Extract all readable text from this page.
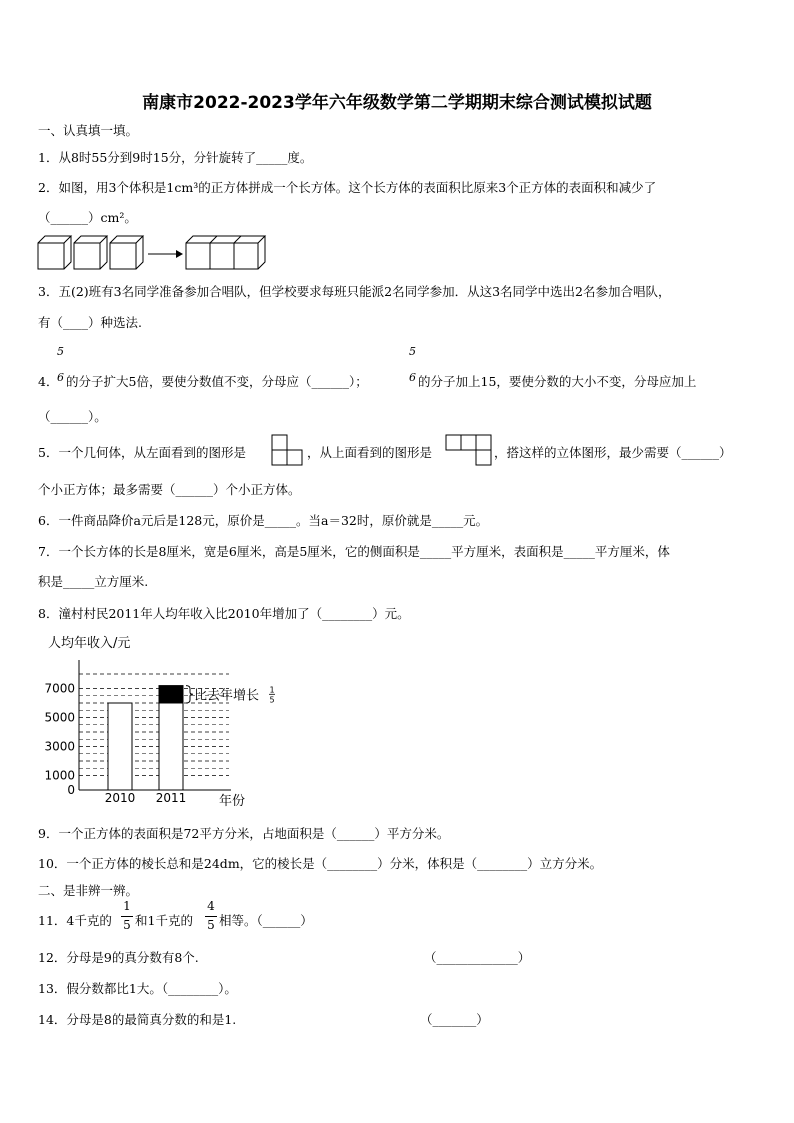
南康市2022-2023学年六年级数学第二学期期末综合测试模拟试题
一、认真填一填。
1．从8时55分到9时15分，分针旋转了_____度。
2．如图，用3个体积是1cm³的正方体拼成一个长方体。这个长方体的表面积比原来3个正方体的表面积和减少了
（______）cm²。
3．五(2)班有3名同学准备参加合唱队，但学校要求每班只能派2名同学参加．从这3名同学中选出2名参加合唱队，
有（____）种选法.
5
6
5
6
4． 的分子扩大5倍，要使分数值不变，分母应（______）；	的分子加上15，要使分数的大小不变，分母应加上
（______）。
5．一个几何体，从左面看到的图形是	，从上面看到的图形是	，搭这样的立体图形，最少需要（______）
个小正方体；最多需要（______）个小正方体。
6．一件商品降价a元后是128元，原价是_____。当a＝32时，原价就是_____元。
7．一个长方体的长是8厘米，宽是6厘米，高是5厘米，它的侧面积是_____平方厘米，表面积是_____平方厘米，体
积是_____立方厘米.
8．潼村村民2011年人均年收入比2010年增加了（________）元。
人均年收入/元
年份
0
1000
3000
5000
7000
2010 2011
比去年增长 1
5
9．一个正方体的表面积是72平方分米，占地面积是（______）平方分米。
10．一个正方体的棱长总和是24dm，它的棱长是（________）分米，体积是（________）立方分米。
二、是非辨一辨。
11．4千克的
1
5 和1千克的
4
5 相等。（______）
12．分母是9的真分数有8个.	（_____________）
13．假分数都比1大。（________）。
14．分母是8的最简真分数的和是1.	（_______）
